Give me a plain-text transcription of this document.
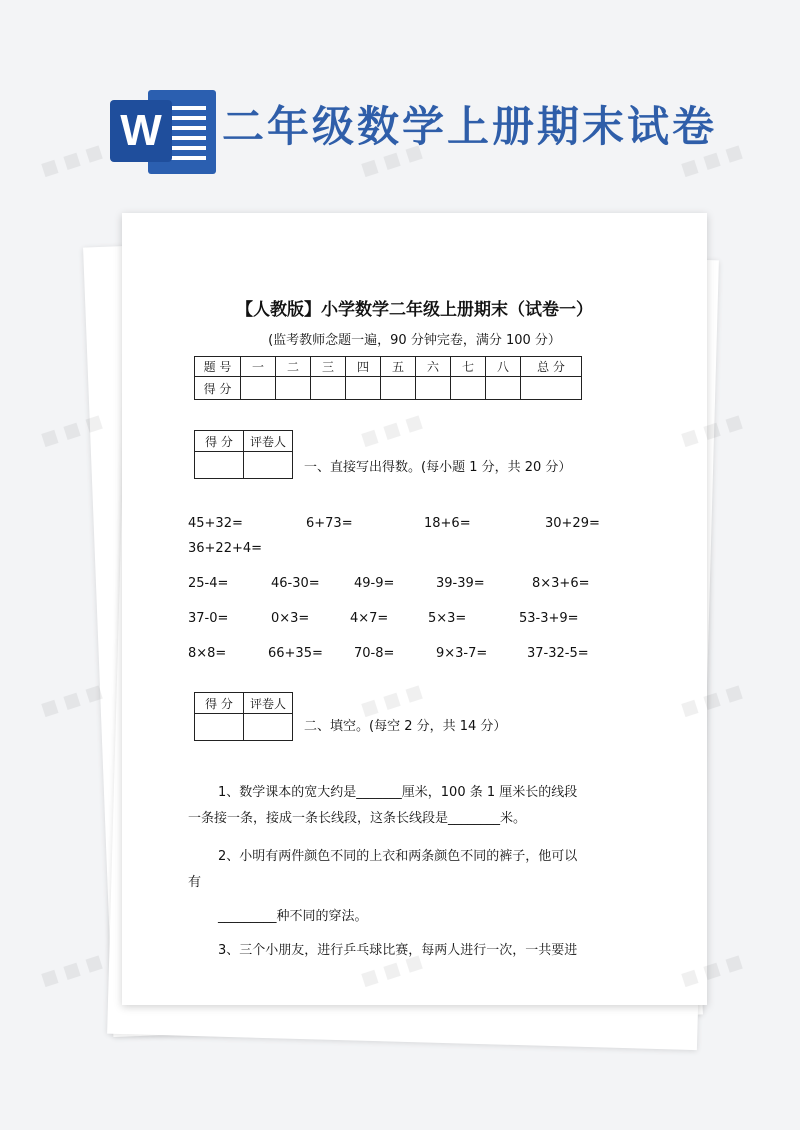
W 二年级数学上册期末试卷
【人教版】小学数学二年级上册期末（试卷一）
(监考教师念题一遍，90 分钟完卷，满分 100 分）
题 号	一	二	三	四	五	六	七	八	总 分
得 分									
得 分	评卷人

一、直接写出得数。(每小题 1 分，共 20 分）
45+32=	6+73=	18+6=	30+29=
36+22+4=
25-4=	46-30=	49-9=	39-39=	8×3+6=
37-0=	0×3=	4×7=	5×3=	53-3+9=
8×8=	66+35= 70-8=	9×3-7=	37-32-5=
得 分	评卷人

二、填空。(每空 2 分，共 14 分）
1、数学课本的宽大约是_______厘米，100 条 1 厘米长的线段
一条接一条，接成一条长线段，这条长线段是________米。
2、小明有两件颜色不同的上衣和两条颜色不同的裤子，他可以
有
_________种不同的穿法。
3、三个小朋友，进行乒乓球比赛，每两人进行一次，一共要进
■ ■ ■	■ ■ ■	■ ■ ■
■ ■ ■	■
■ ■ ■	■ ■ ■
■ ■ ■	■ ■ ■
